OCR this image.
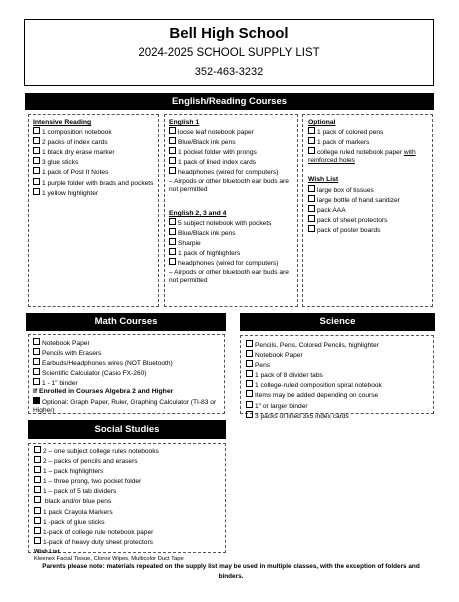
Bell High School
2024-2025 SCHOOL SUPPLY LIST
352-463-3232
English/Reading Courses
Intensive Reading
1 composition notebook
2 packs of index cards
1 black dry erase marker
3 glue sticks
1 pack of Post It Notes
1 purple folder with brads and pockets
1 yellow highlighter
English 1
loose leaf notebook paper
Blue/Black ink pens
1 pocket folder with prongs
1 pack of lined index cards
headphones (wired for computers)
– Airpods or other bluetooth ear buds are not permitted
English 2, 3 and 4
5 subject notebook with pockets
Blue/Black ink pens
Sharpie
1 pack of highlighters
headphones (wired for computers)
– Airpods or other bluetooth ear buds are not permitted
Optional
1 pack of colored pens
1 pack of markers
college ruled notebook paper with reinforced holes
Wish List
large box of tissues
large bottle of hand sanitizer
pack AAA
pack of sheet protectors
pack of poster boards
Math Courses
Notebook Paper
Pencils with Erasers
Earbuds/Headphones wires (NOT Bluetooth)
Scientific Calculator (Casio FX-260)
1 - 1" binder
If Enrolled in Courses Algebra 2 and Higher
Optional: Graph Paper, Ruler, Graphing Calculator (TI-83 or Higher)
Science
Pencils, Pens, Colored Pencils, highlighter
Notebook Paper
Pens
1 pack of 8 divider tabs
1 college-ruled composition spiral notebook
Items may be added depending on course
1" or larger binder
3 packs of lined 3x5 index cards
Social Studies
2 – one subject college rules notebooks
2 – packs of pencils and erasers
1 – pack highlighters
1 – three prong, two pocket folder
1 – pack of 5 tab dividers
black and/or blue pens
1 pack Crayola Markers
1 -pack of glue sticks
1-pack of college rule notebook paper
1-pack of heavy duty sheet protectors
Wish List
Kleenex Facial Tissue, Clorox Wipes, Multicolor Duct Tape
Parents please note: materials repeated on the supply list may be used in multiple classes, with the exception of folders and binders.
